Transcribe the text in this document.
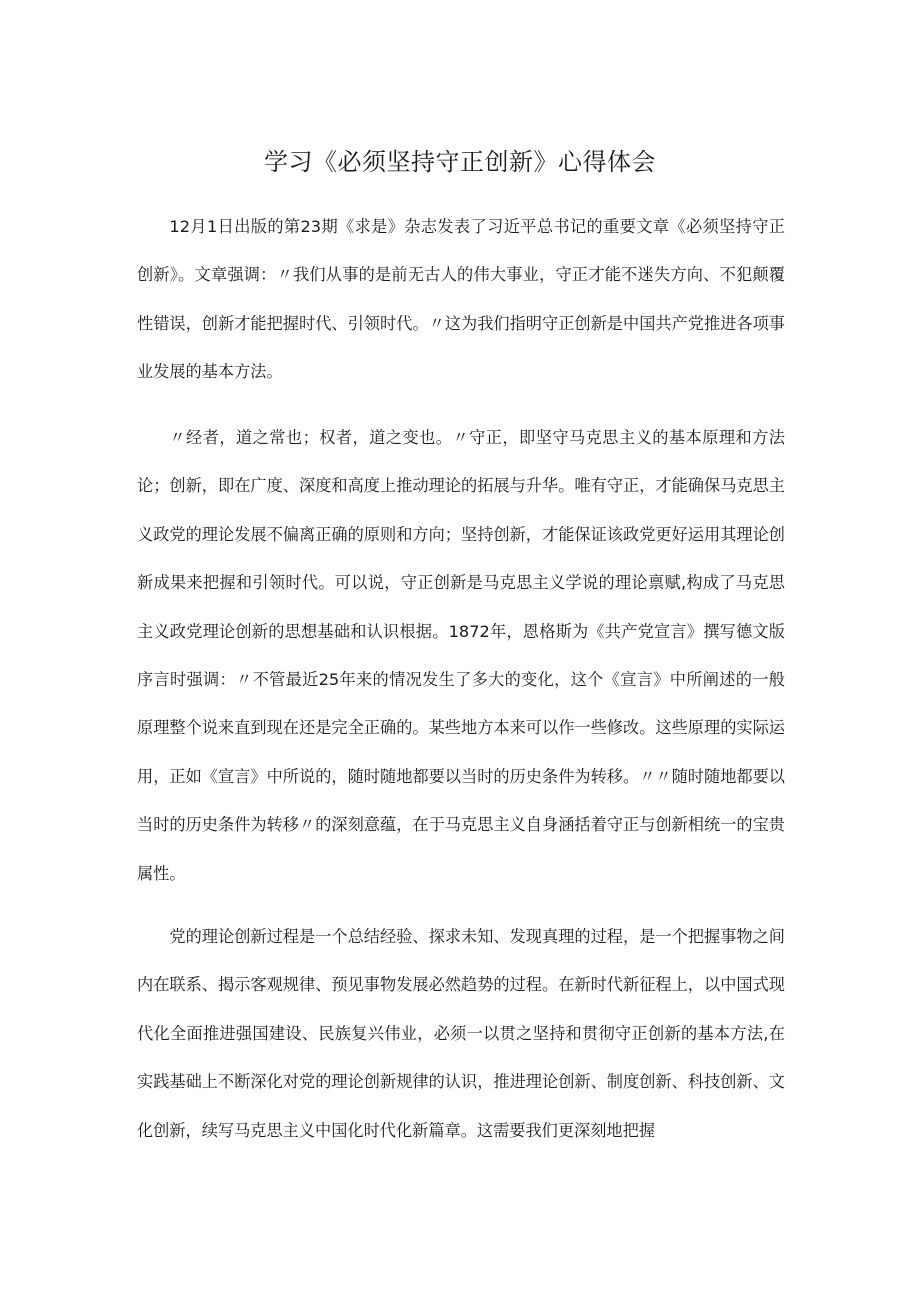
学习《必须坚持守正创新》心得体会

12月1日出版的第23期《求是》杂志发表了习近平总书记的重要文章《必须坚持守正创新》。文章强调：〃我们从事的是前无古人的伟大事业，守正才能不迷失方向、不犯颠覆性错误，创新才能把握时代、引领时代。〃这为我们指明守正创新是中国共产党推进各项事业发展的基本方法。

〃经者，道之常也；权者，道之变也。〃守正，即坚守马克思主义的基本原理和方法论；创新，即在广度、深度和高度上推动理论的拓展与升华。唯有守正，才能确保马克思主义政党的理论发展不偏离正确的原则和方向；坚持创新，才能保证该政党更好运用其理论创新成果来把握和引领时代。可以说，守正创新是马克思主义学说的理论禀赋,构成了马克思主义政党理论创新的思想基础和认识根据。1872年，恩格斯为《共产党宣言》撰写德文版序言时强调：〃不管最近25年来的情况发生了多大的变化，这个《宣言》中所阐述的一般原理整个说来直到现在还是完全正确的。某些地方本来可以作一些修改。这些原理的实际运用，正如《宣言》中所说的，随时随地都要以当时的历史条件为转移。〃〃随时随地都要以当时的历史条件为转移〃的深刻意蕴，在于马克思主义自身涵括着守正与创新相统一的宝贵属性。

党的理论创新过程是一个总结经验、探求未知、发现真理的过程，是一个把握事物之间内在联系、揭示客观规律、预见事物发展必然趋势的过程。在新时代新征程上，以中国式现代化全面推进强国建设、民族复兴伟业，必须一以贯之坚持和贯彻守正创新的基本方法,在实践基础上不断深化对党的理论创新规律的认识，推进理论创新、制度创新、科技创新、文化创新，续写马克思主义中国化时代化新篇章。这需要我们更深刻地把握
